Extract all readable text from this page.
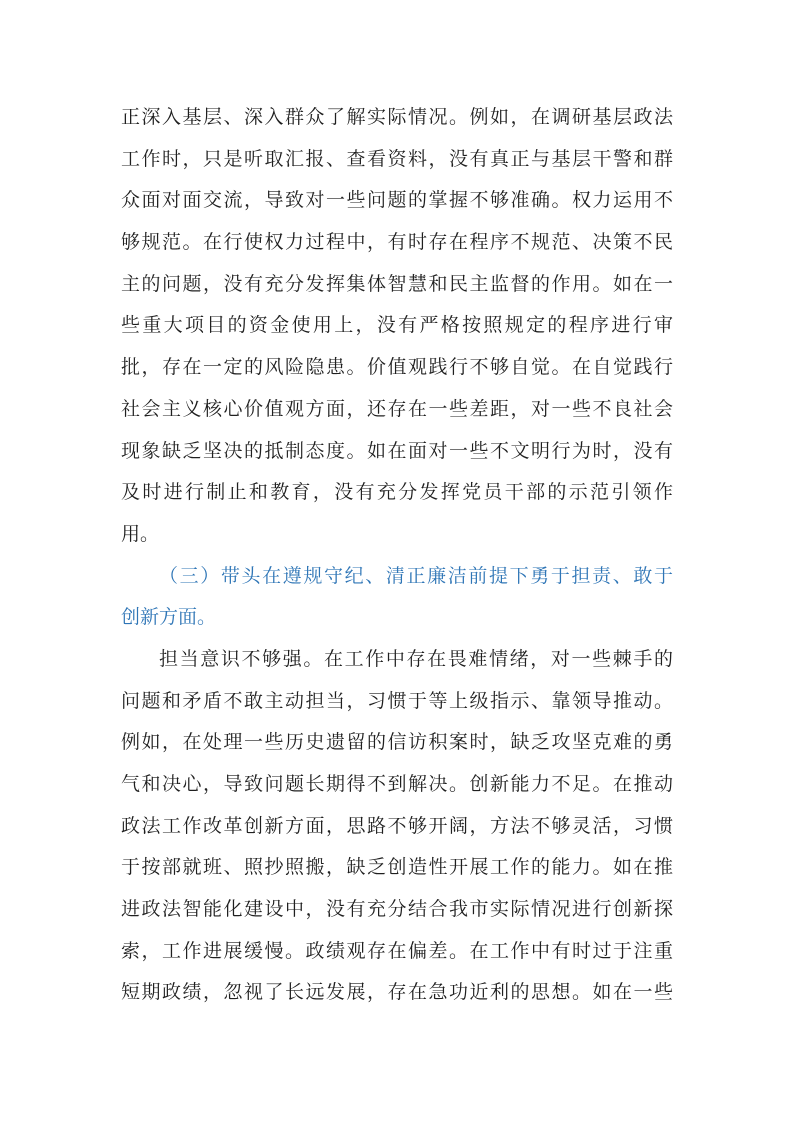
正深入基层、深入群众了解实际情况。例如，在调研基层政法
工作时，只是听取汇报、查看资料，没有真正与基层干警和群
众面对面交流，导致对一些问题的掌握不够准确。权力运用不
够规范。在行使权力过程中，有时存在程序不规范、决策不民
主的问题，没有充分发挥集体智慧和民主监督的作用。如在一
些重大项目的资金使用上，没有严格按照规定的程序进行审
批，存在一定的风险隐患。价值观践行不够自觉。在自觉践行
社会主义核心价值观方面，还存在一些差距，对一些不良社会
现象缺乏坚决的抵制态度。如在面对一些不文明行为时，没有
及时进行制止和教育，没有充分发挥党员干部的示范引领作
用。
（三）带头在遵规守纪、清正廉洁前提下勇于担责、敢于
创新方面。
担当意识不够强。在工作中存在畏难情绪，对一些棘手的
问题和矛盾不敢主动担当，习惯于等上级指示、靠领导推动。
例如，在处理一些历史遗留的信访积案时，缺乏攻坚克难的勇
气和决心，导致问题长期得不到解决。创新能力不足。在推动
政法工作改革创新方面，思路不够开阔，方法不够灵活，习惯
于按部就班、照抄照搬，缺乏创造性开展工作的能力。如在推
进政法智能化建设中，没有充分结合我市实际情况进行创新探
索，工作进展缓慢。政绩观存在偏差。在工作中有时过于注重
短期政绩，忽视了长远发展，存在急功近利的思想。如在一些
